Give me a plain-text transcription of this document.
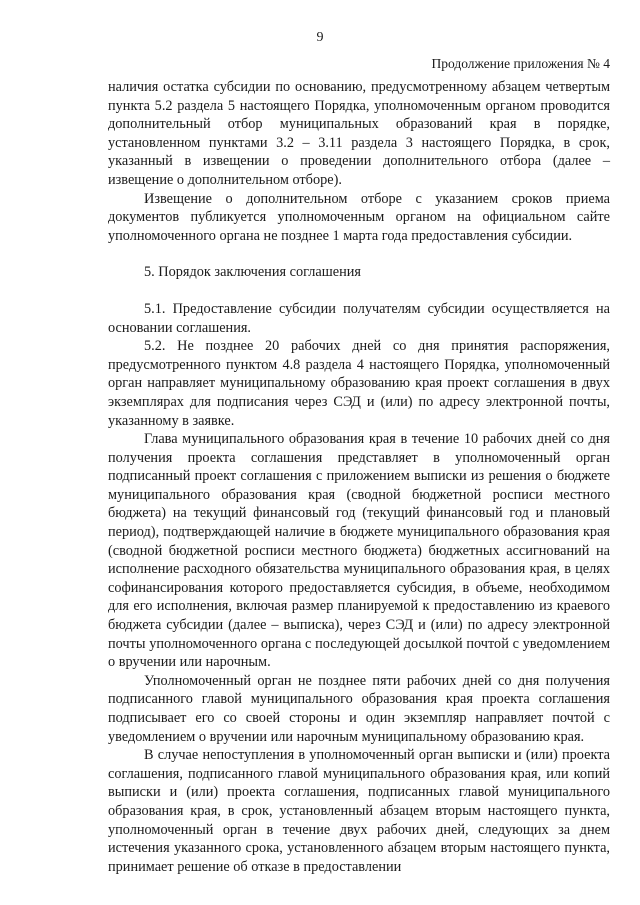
9
Продолжение приложения № 4

наличия остатка субсидии по основанию, предусмотренному абзацем четвертым пункта 5.2 раздела 5 настоящего Порядка, уполномоченным органом проводится дополнительный отбор муниципальных образований края в порядке, установленном пунктами 3.2 – 3.11 раздела 3 настоящего Порядка, в срок, указанный в извещении о проведении дополнительного отбора (далее – извещение о дополнительном отборе).

Извещение о дополнительном отборе с указанием сроков приема документов публикуется уполномоченным органом на официальном сайте уполномоченного органа не позднее 1 марта года предоставления субсидии.

5. Порядок заключения соглашения

5.1. Предоставление субсидии получателям субсидии осуществляется на основании соглашения.

5.2. Не позднее 20 рабочих дней со дня принятия распоряжения, предусмотренного пунктом 4.8 раздела 4 настоящего Порядка, уполномоченный орган направляет муниципальному образованию края проект соглашения в двух экземплярах для подписания через СЭД и (или) по адресу электронной почты, указанному в заявке.

Глава муниципального образования края в течение 10 рабочих дней со дня получения проекта соглашения представляет в уполномоченный орган подписанный проект соглашения с приложением выписки из решения о бюджете муниципального образования края (сводной бюджетной росписи местного бюджета) на текущий финансовый год (текущий финансовый год и плановый период), подтверждающей наличие в бюджете муниципального образования края (сводной бюджетной росписи местного бюджета) бюджетных ассигнований на исполнение расходного обязательства муниципального образования края, в целях софинансирования которого предоставляется субсидия, в объеме, необходимом для его исполнения, включая размер планируемой к предоставлению из краевого бюджета субсидии (далее – выписка), через СЭД и (или) по адресу электронной почты уполномоченного органа с последующей досылкой почтой с уведомлением о вручении или нарочным.

Уполномоченный орган не позднее пяти рабочих дней со дня получения подписанного главой муниципального образования края проекта соглашения подписывает его со своей стороны и один экземпляр направляет почтой с уведомлением о вручении или нарочным муниципальному образованию края.

В случае непоступления в уполномоченный орган выписки и (или) проекта соглашения, подписанного главой муниципального образования края, или копий выписки и (или) проекта соглашения, подписанных главой муниципального образования края, в срок, установленный абзацем вторым настоящего пункта, уполномоченный орган в течение двух рабочих дней, следующих за днем истечения указанного срока, установленного абзацем вторым настоящего пункта, принимает решение об отказе в предоставлении
